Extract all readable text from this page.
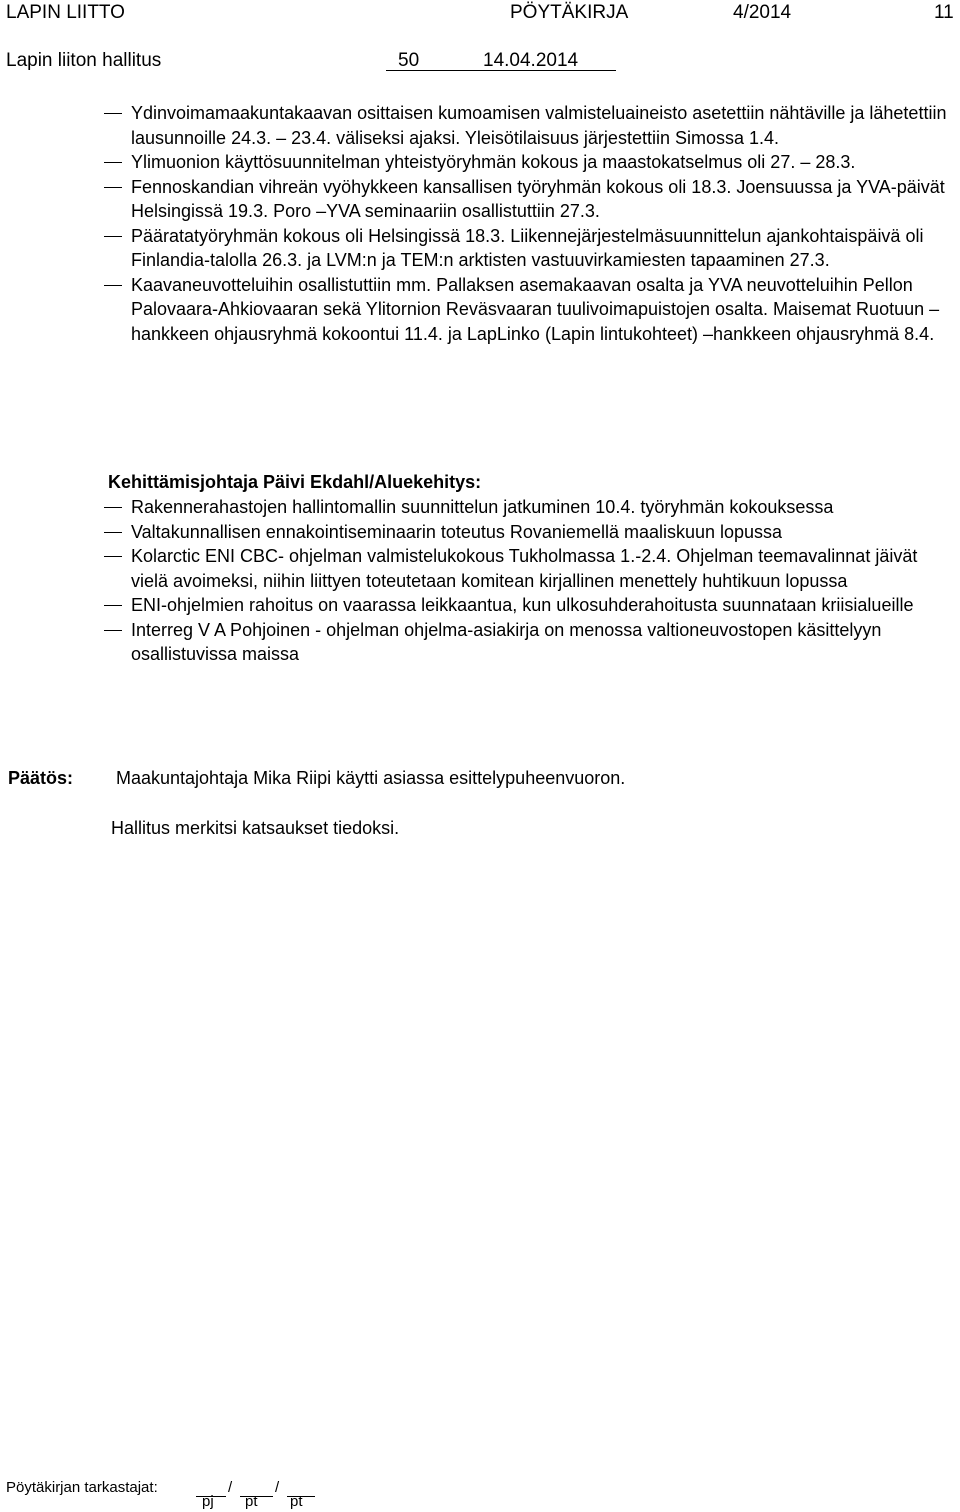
LAPIN LIITTO	PÖYTÄKIRJA	4/2014	11
Lapin liiton hallitus	50	14.04.2014
Ydinvoimamaakuntakaavan osittaisen kumoamisen valmisteluaineisto asetettiin nähtäville ja lähetettiin lausunnoille 24.3. – 23.4. väliseksi ajaksi. Yleisötilaisuus järjestettiin Simossa 1.4.
Ylimuonion käyttösuunnitelman yhteistyöryhmän kokous ja maastokatselmus oli 27. – 28.3.
Fennoskandian vihreän vyöhykkeen kansallisen työryhmän kokous oli 18.3. Joensuussa ja YVA-päivät Helsingissä 19.3. Poro –YVA seminaariin osallistuttiin 27.3.
Pääratatyöryhmän kokous oli Helsingissä 18.3. Liikennejärjestelmäsuunnittelun ajankohtaispäivä oli Finlandia-talolla 26.3. ja LVM:n ja TEM:n arktisten vastuuvirkamiesten tapaaminen 27.3.
Kaavaneuvotteluihin osallistuttiin mm. Pallaksen asemakaavan osalta ja YVA neuvotteluihin Pellon Palovaara-Ahkiovaaran sekä Ylitornion Reväsvaaran tuulivoimapuistojen osalta. Maisemat Ruotuun –hankkeen ohjausryhmä kokoontui 11.4. ja LapLinko (Lapin lintukohteet) –hankkeen ohjausryhmä 8.4.
Kehittämisjohtaja Päivi Ekdahl/Aluekehitys:
Rakennerahastojen hallintomallin suunnittelun jatkuminen 10.4. työryhmän kokouksessa
Valtakunnallisen ennakointiseminaarin toteutus Rovaniemellä maaliskuun lopussa
Kolarctic ENI CBC- ohjelman valmistelukokous Tukholmassa 1.-2.4. Ohjelman teemavalinnat jäivät vielä avoimeksi, niihin liittyen toteutetaan komitean kirjallinen menettely huhtikuun lopussa
ENI-ohjelmien rahoitus on vaarassa leikkaantua, kun ulkosuhderahoitusta suunnataan kriisialueille
Interreg V A Pohjoinen - ohjelman ohjelma-asiakirja on menossa valtioneuvostopen käsittelyyn osallistuvissa maissa
Päätös: Maakuntajohtaja Mika Riipi käytti asiassa esittelypuheenvuoron.
Hallitus merkitsi katsaukset tiedoksi.
Pöytäkirjan tarkastajat:	/	/
pj pt pt
